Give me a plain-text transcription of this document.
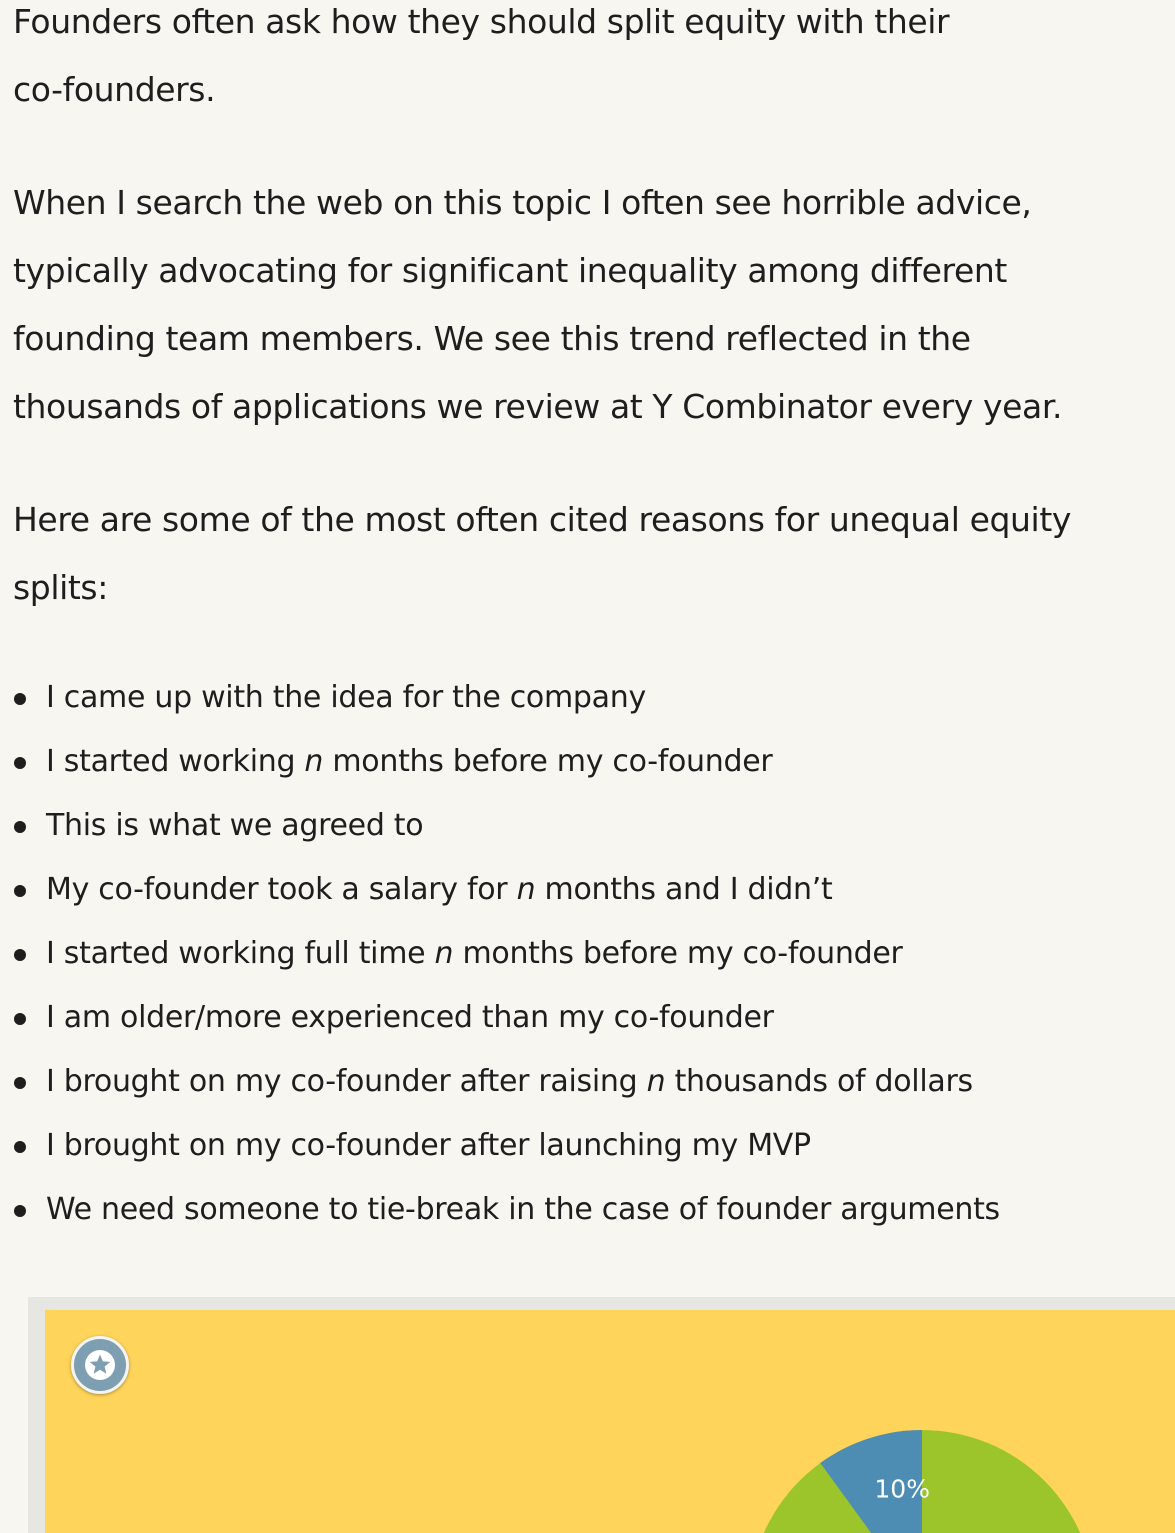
Founders often ask how they should split equity with their
co-founders.

When I search the web on this topic I often see horrible advice,
typically advocating for significant inequality among different
founding team members. We see this trend reflected in the
thousands of applications we review at Y Combinator every year.

Here are some of the most often cited reasons for unequal equity
splits:

I came up with the idea for the company
I started working n months before my co-founder
This is what we agreed to
My co-founder took a salary for n months and I didn’t
I started working full time n months before my co-founder
I am older/more experienced than my co-founder
I brought on my co-founder after raising n thousands of dollars
I brought on my co-founder after launching my MVP
We need someone to tie-break in the case of founder arguments
10%
